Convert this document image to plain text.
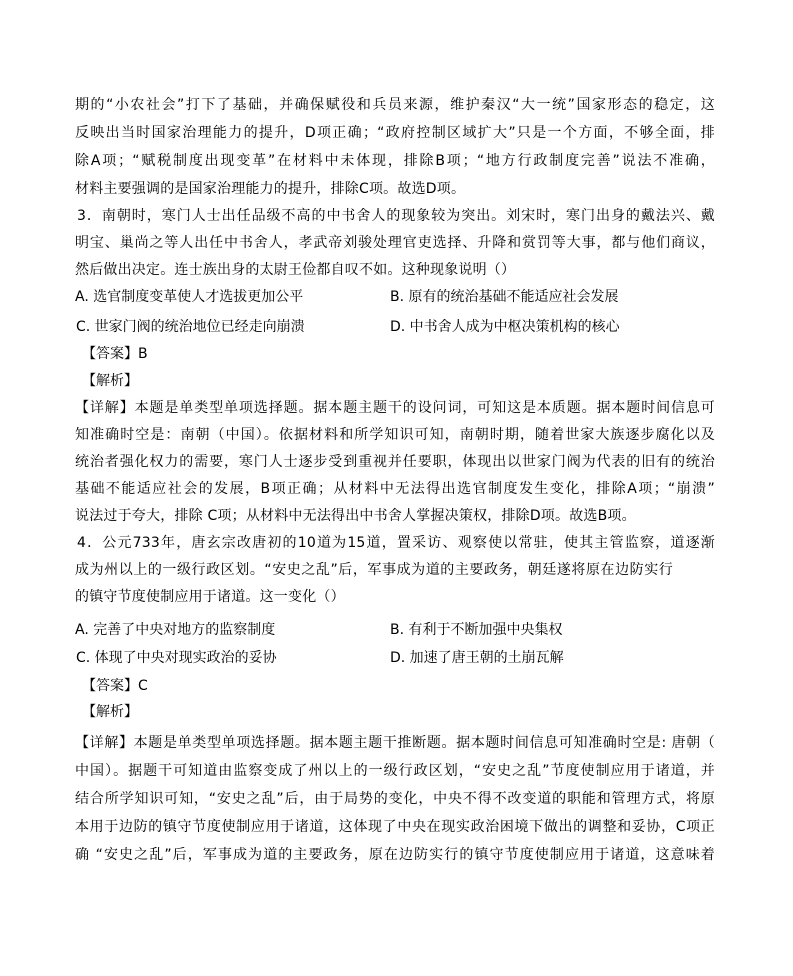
期的“小农社会”打下了基础，并确保赋役和兵员来源，维护秦汉“大一统”国家形态的稳定，这
反映出当时国家治理能力的提升，D项正确；“政府控制区域扩大”只是一个方面，不够全面，排
除A项；“赋税制度出现变革”在材料中未体现，排除B项；“地方行政制度完善”说法不准确，
材料主要强调的是国家治理能力的提升，排除C项。故选D项。
3．南朝时，寒门人士出任品级不高的中书舍人的现象较为突出。刘宋时，寒门出身的戴法兴、戴
明宝、巢尚之等人出任中书舍人，孝武帝刘骏处理官吏选择、升降和赏罚等大事，都与他们商议，
然后做出决定。连士族出身的太尉王俭都自叹不如。这种现象说明（）
A. 选官制度变革使人才选拔更加公平	B. 原有的统治基础不能适应社会发展
C. 世家门阀的统治地位已经走向崩溃	D. 中书舍人成为中枢决策机构的核心
【答案】B
【解析】
【详解】本题是单类型单项选择题。据本题主题干的设问词，可知这是本质题。据本题时间信息可
知准确时空是：南朝（中国）。依据材料和所学知识可知，南朝时期，随着世家大族逐步腐化以及
统治者强化权力的需要，寒门人士逐步受到重视并任要职，体现出以世家门阀为代表的旧有的统治
基础不能适应社会的发展，B项正确；从材料中无法得出选官制度发生变化，排除A项；“崩溃”
说法过于夸大，排除 C项；从材料中无法得出中书舍人掌握决策权，排除D项。故选B项。
4．公元733年，唐玄宗改唐初的10道为15道，置采访、观察使以常驻，使其主管监察，道逐渐
成为州以上的一级行政区划。“安史之乱”后，军事成为道的主要政务，朝廷遂将原在边防实行
的镇守节度使制应用于诸道。这一变化（）
A. 完善了中央对地方的监察制度	B. 有利于不断加强中央集权
C. 体现了中央对现实政治的妥协	D. 加速了唐王朝的土崩瓦解
【答案】C
【解析】
【详解】本题是单类型单项选择题。据本题主题干推断题。据本题时间信息可知准确时空是: 唐朝（
中国）。据题干可知道由监察变成了州以上的一级行政区划，“安史之乱”节度使制应用于诸道，并
结合所学知识可知，“安史之乱”后，由于局势的变化，中央不得不改变道的职能和管理方式，将原
本用于边防的镇守节度使制应用于诸道，这体现了中央在现实政治困境下做出的调整和妥协，C项正
确 “安史之乱”后，军事成为道的主要政务，原在边防实行的镇守节度使制应用于诸道，这意味着
